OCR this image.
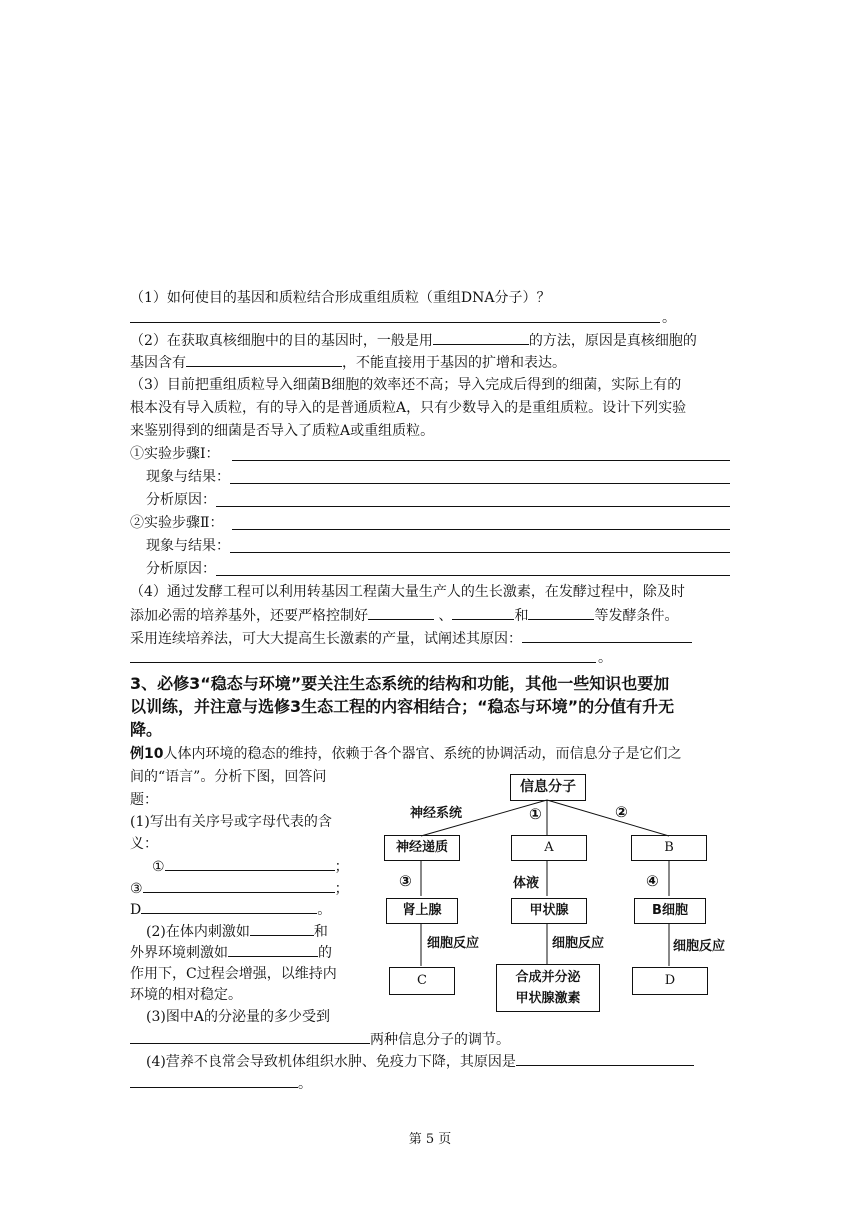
（1）如何使目的基因和质粒结合形成重组质粒（重组DNA分子）？
。
（2）在获取真核细胞中的目的基因时，一般是用	的方法，原因是真核细胞的
基因含有	，不能直接用于基因的扩增和表达。
（3）目前把重组质粒导入细菌B细胞的效率还不高；导入完成后得到的细菌，实际上有的
根本没有导入质粒，有的导入的是普通质粒A，只有少数导入的是重组质粒。设计下列实验
来鉴别得到的细菌是否导入了质粒A或重组质粒。
①实验步骤Ⅰ：
现象与结果：
分析原因：
②实验步骤Ⅱ：
现象与结果：
分析原因：
（4）通过发酵工程可以利用转基因工程菌大量生产人的生长激素，在发酵过程中，除及时
添加必需的培养基外，还要严格控制好	、	和	等发酵条件。
采用连续培养法，可大大提高生长激素的产量，试阐述其原因：
。
3、必修3“稳态与环境”要关注生态系统的结构和功能，其他一些知识也要加
以训练，并注意与选修3生态工程的内容相结合；“稳态与环境”的分值有升无
降。
例10人体内环境的稳态的维持，依赖于各个器官、系统的协调活动，而信息分子是它们之
间的“语言”。分析下图，回答问
题：
(1)写出有关序号或字母代表的含
义：
①	；
③	；
D	。
(2)在体内刺激如	和
外界环境刺激如	的
作用下，C过程会增强，以维持内
环境的相对稳定。
(3)图中A的分泌量的多少受到
两种信息分子的调节。
(4)营养不良常会导致机体组织水肿、免疫力下降，其原因是
。
信息分子
神经系统	①	②
神经递质	A	B
③	体液	④
肾上腺	甲状腺	B细胞
细胞反应	细胞反应	细胞反应
C	合成并分泌
甲状腺激素
D
第 5 页
